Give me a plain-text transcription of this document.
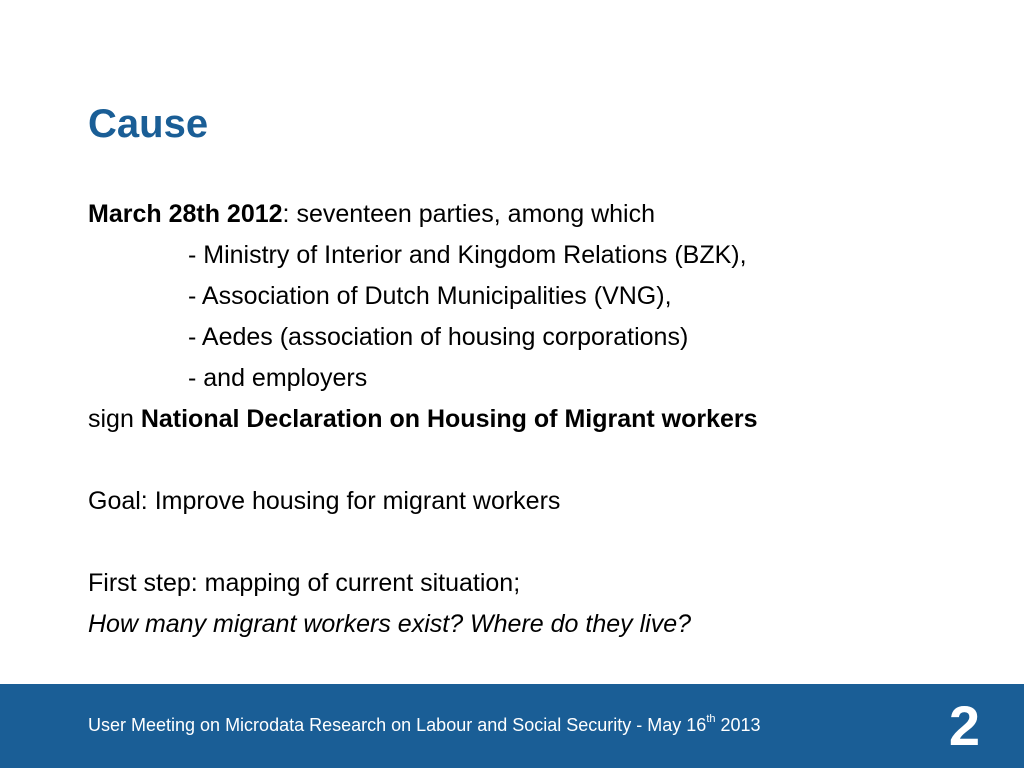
Cause
March 28th 2012: seventeen parties, among which
- Ministry of Interior and Kingdom Relations (BZK),
- Association of Dutch Municipalities (VNG),
- Aedes (association of housing corporations)
- and employers
sign National Declaration on Housing of Migrant workers
Goal: Improve housing for migrant workers
First step: mapping of current situation;
How many migrant workers exist? Where do they live?
User Meeting on Microdata Research on Labour and Social Security - May 16th 2013	2
